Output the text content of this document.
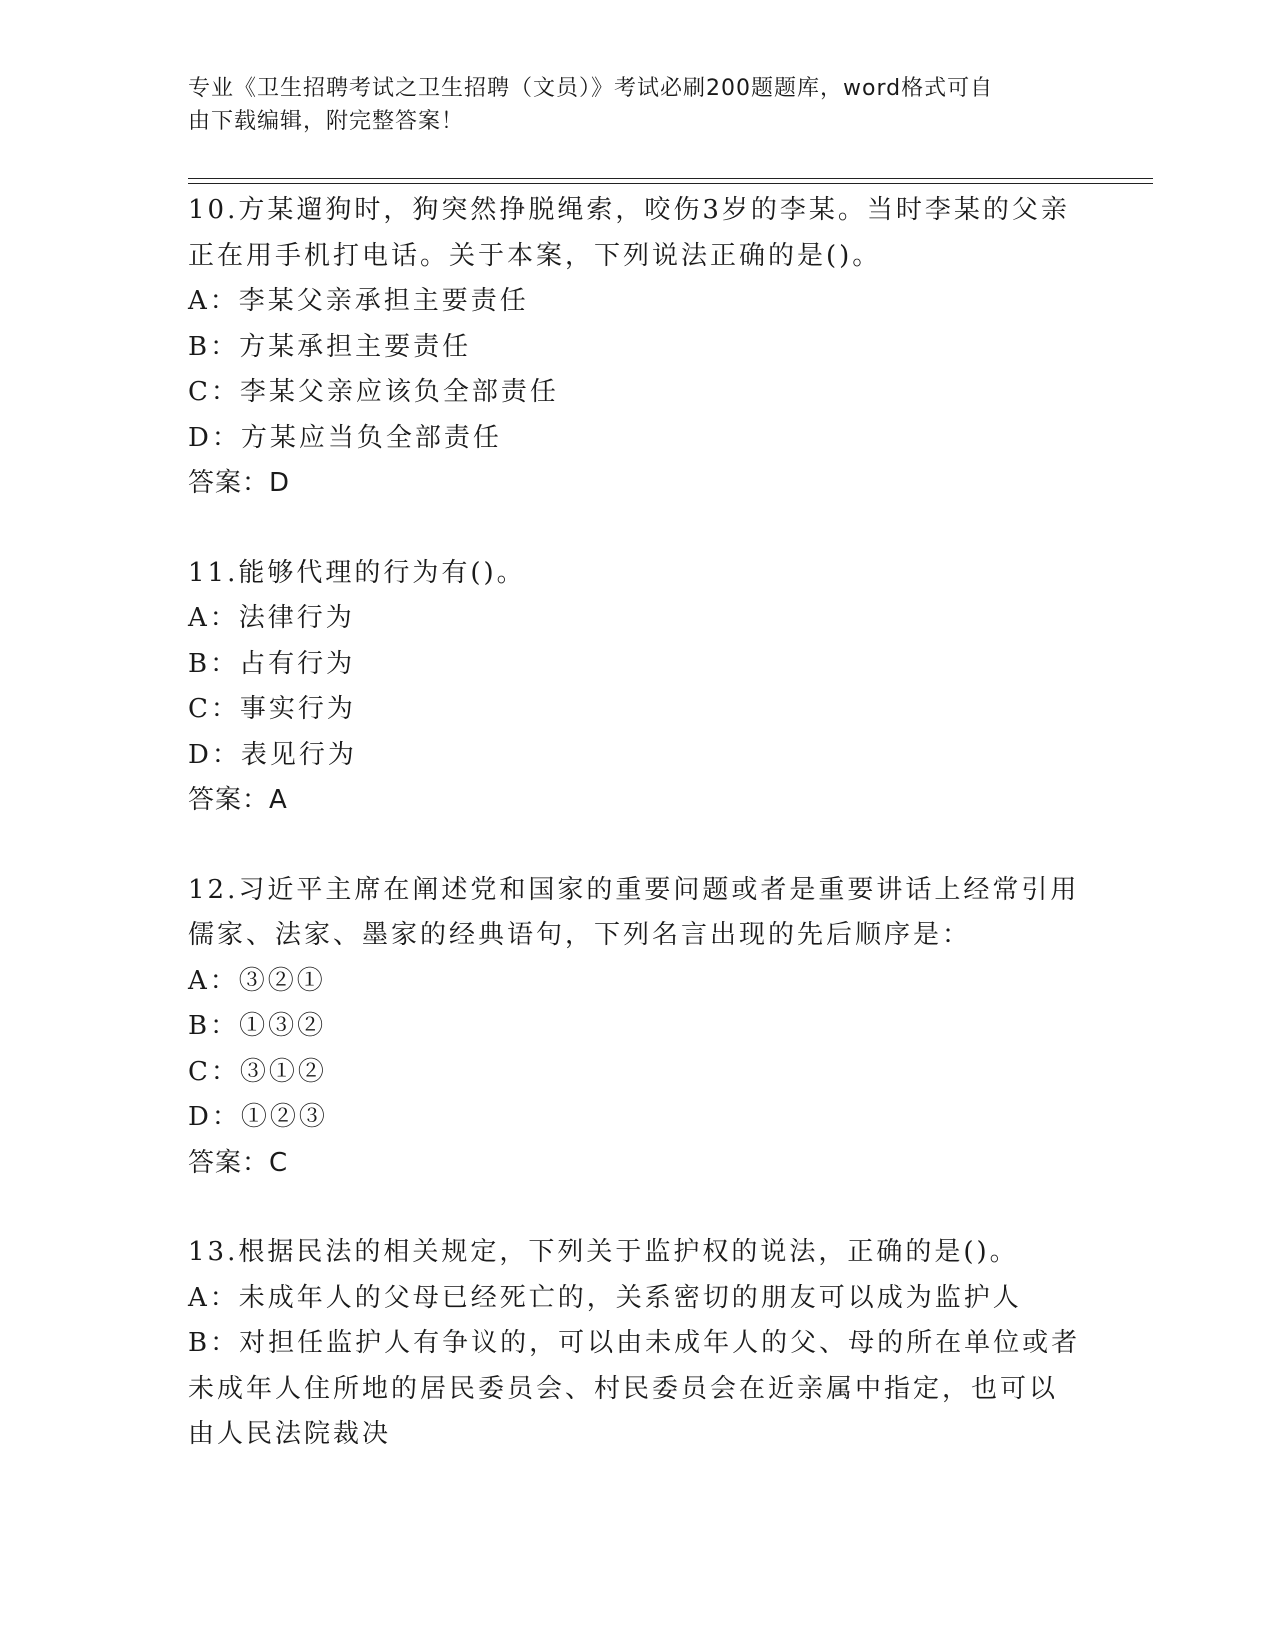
专业《卫生招聘考试之卫生招聘（文员）》考试必刷200题题库，word格式可自
由下载编辑，附完整答案！
10.方某遛狗时，狗突然挣脱绳索，咬伤3岁的李某。当时李某的父亲
正在用手机打电话。关于本案，下列说法正确的是()。
A：李某父亲承担主要责任
B：方某承担主要责任
C：李某父亲应该负全部责任
D：方某应当负全部责任
答案：D
11.能够代理的行为有()。
A：法律行为
B：占有行为
C：事实行为
D：表见行为
答案：A
12.习近平主席在阐述党和国家的重要问题或者是重要讲话上经常引用
儒家、法家、墨家的经典语句，下列名言出现的先后顺序是：
A：③②①
B：①③②
C：③①②
D：①②③
答案：C
13.根据民法的相关规定，下列关于监护权的说法，正确的是()。
A：未成年人的父母已经死亡的，关系密切的朋友可以成为监护人
B：对担任监护人有争议的，可以由未成年人的父、母的所在单位或者
未成年人住所地的居民委员会、村民委员会在近亲属中指定，也可以
由人民法院裁决
